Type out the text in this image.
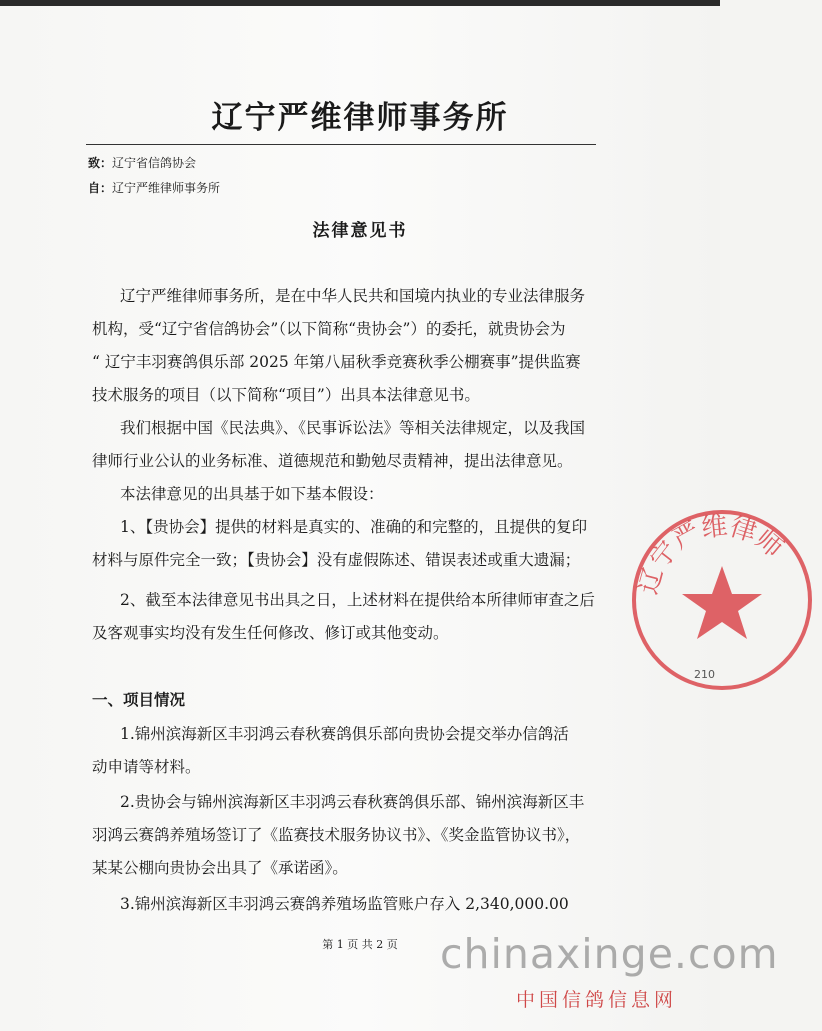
辽宁严维律师事务所
致：辽宁省信鸽协会
自：辽宁严维律师事务所
法律意见书
辽宁严维律师事务所，是在中华人民共和国境内执业的专业法律服务
机构，受“辽宁省信鸽协会”（以下简称“贵协会”）的委托，就贵协会为
“ 辽宁丰羽赛鸽俱乐部 2025 年第八届秋季竞赛秋季公棚赛事”提供监赛
技术服务的项目（以下简称“项目”）出具本法律意见书。
我们根据中国《民法典》、《民事诉讼法》等相关法律规定，以及我国
律师行业公认的业务标准、道德规范和勤勉尽责精神，提出法律意见。
本法律意见的出具基于如下基本假设：
1、【贵协会】提供的材料是真实的、准确的和完整的，且提供的复印
材料与原件完全一致；【贵协会】没有虚假陈述、错误表述或重大遗漏；
2、截至本法律意见书出具之日，上述材料在提供给本所律师审查之后
及客观事实均没有发生任何修改、修订或其他变动。
一、项目情况
1.锦州滨海新区丰羽鸿云春秋赛鸽俱乐部向贵协会提交举办信鸽活
动申请等材料。
2.贵协会与锦州滨海新区丰羽鸿云春秋赛鸽俱乐部、锦州滨海新区丰
羽鸿云赛鸽养殖场签订了《监赛技术服务协议书》、《奖金监管协议书》，
某某公棚向贵协会出具了《承诺函》。
3.锦州滨海新区丰羽鸿云赛鸽养殖场监管账户存入 2,340,000.00
第 1 页 共 2 页
辽宁严维律师
210
chinaxinge.com
中国信鸽信息网
